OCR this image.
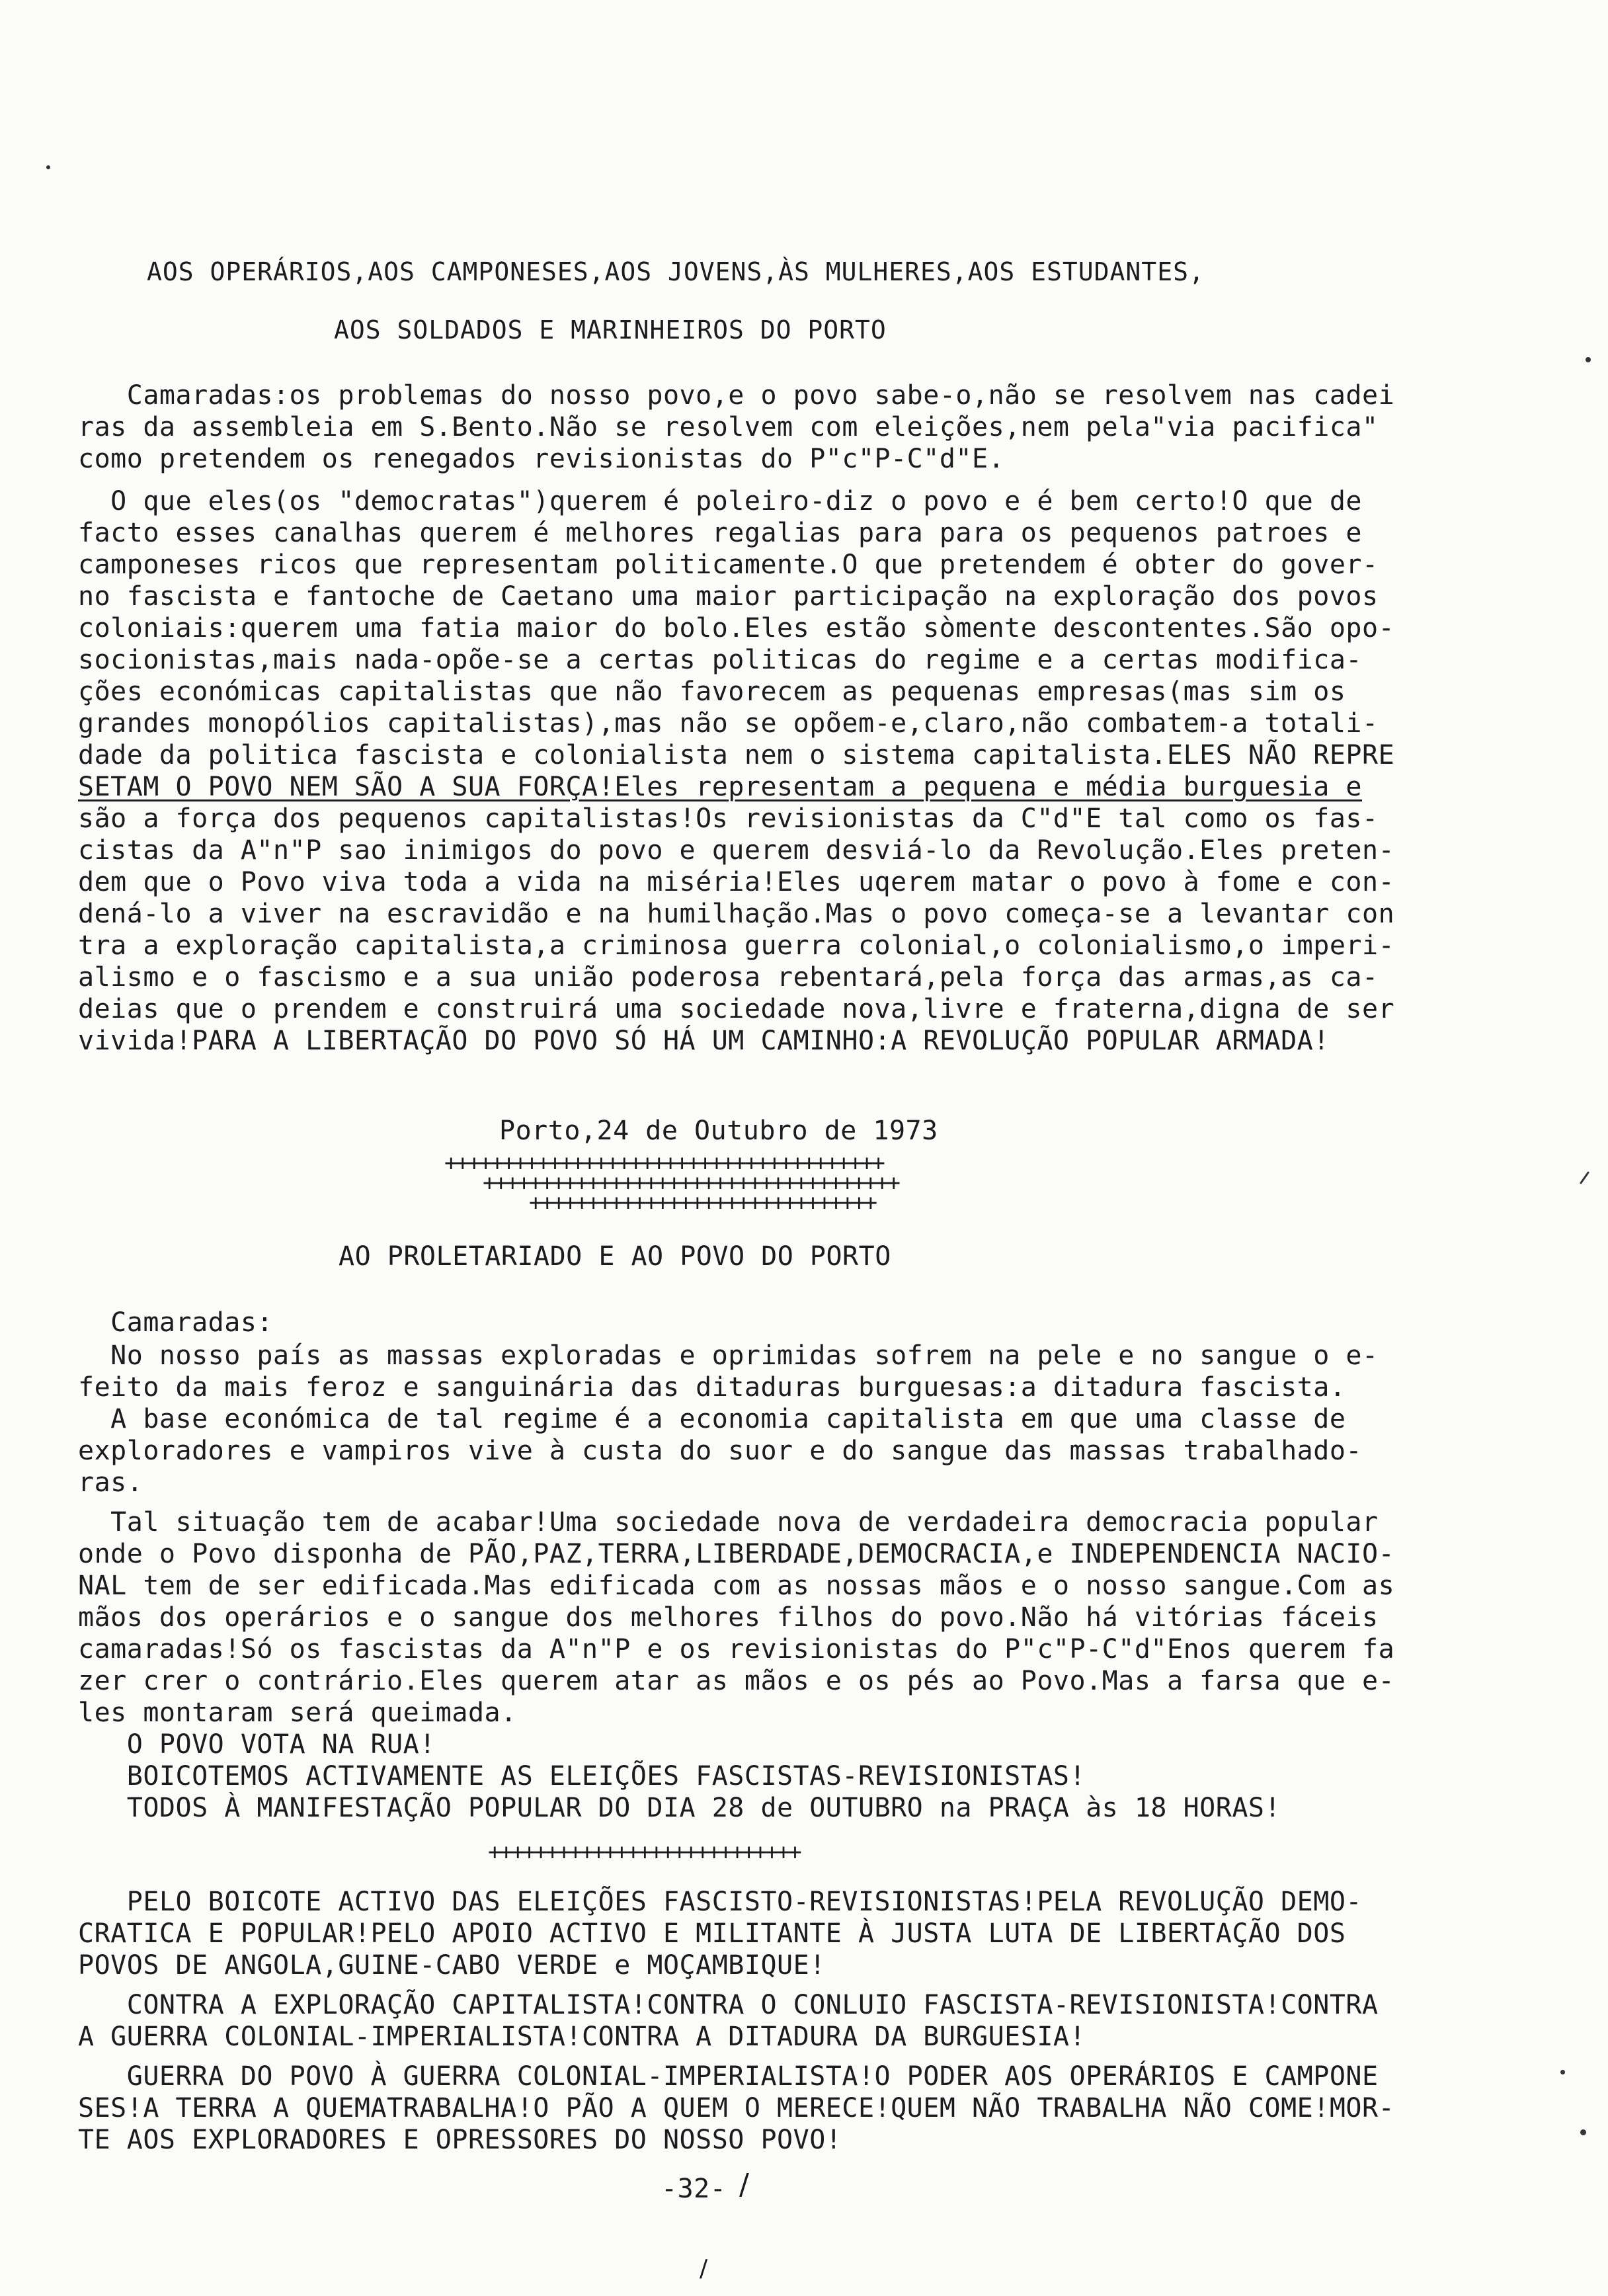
AOS OPERÁRIOS,AOS CAMPONESES,AOS JOVENS,ÀS MULHERES,AOS ESTUDANTES,
AOS SOLDADOS E MARINHEIROS DO PORTO
Camaradas:os problemas do nosso povo,e o povo sabe-o,não se resolvem nas cadei
ras da assembleia em S.Bento.Não se resolvem com eleições,nem pela"via pacifica"
como pretendem os renegados revisionistas do P"c"P-C"d"E.
O que eles(os "democratas")querem é poleiro-diz o povo e é bem certo!O que de
facto esses canalhas querem é melhores regalias para para os pequenos patroes e
camponeses ricos que representam politicamente.O que pretendem é obter do gover-
no fascista e fantoche de Caetano uma maior participação na exploração dos povos
coloniais:querem uma fatia maior do bolo.Eles estão sòmente descontentes.São opo-
socionistas,mais nada-opõe-se a certas politicas do regime e a certas modifica-
ções económicas capitalistas que não favorecem as pequenas empresas(mas sim os
grandes monopólios capitalistas),mas não se opõem-e,claro,não combatem-a totali-
dade da politica fascista e colonialista nem o sistema capitalista.ELES NÃO REPRE
SETAM O POVO NEM SÃO A SUA FORÇA!Eles representam a pequena e média burguesia e
são a força dos pequenos capitalistas!Os revisionistas da C"d"E tal como os fas-
cistas da A"n"P sao inimigos do povo e querem desviá-lo da Revolução.Eles preten-
dem que o Povo viva toda a vida na miséria!Eles uqerem matar o povo à fome e con-
dená-lo a viver na escravidão e na humilhação.Mas o povo começa-se a levantar con
tra a exploração capitalista,a criminosa guerra colonial,o colonialismo,o imperi-
alismo e o fascismo e a sua união poderosa rebentará,pela força das armas,as ca-
deias que o prendem e construirá uma sociedade nova,livre e fraterna,digna de ser
vivida!PARA A LIBERTAÇÃO DO POVO SÓ HÁ UM CAMINHO:A REVOLUÇÃO POPULAR ARMADA!
Porto,24 de Outubro de 1973
++++++++++++++++++++++++++++++++++++++
++++++++++++++++++++++++++++++++++++
++++++++++++++++++++++++++++++
AO PROLETARIADO E AO POVO DO PORTO
Camaradas:
No nosso país as massas exploradas e oprimidas sofrem na pele e no sangue o e-
feito da mais feroz e sanguinária das ditaduras burguesas:a ditadura fascista.
A base económica de tal regime é a economia capitalista em que uma classe de
exploradores e vampiros vive à custa do suor e do sangue das massas trabalhado-
ras.
Tal situação tem de acabar!Uma sociedade nova de verdadeira democracia popular
onde o Povo disponha de PÃO,PAZ,TERRA,LIBERDADE,DEMOCRACIA,e INDEPENDENCIA NACIO-
NAL tem de ser edificada.Mas edificada com as nossas mãos e o nosso sangue.Com as
mãos dos operários e o sangue dos melhores filhos do povo.Não há vitórias fáceis
camaradas!Só os fascistas da A"n"P e os revisionistas do P"c"P-C"d"Enos querem fa
zer crer o contrário.Eles querem atar as mãos e os pés ao Povo.Mas a farsa que e-
les montaram será queimada.
O POVO VOTA NA RUA!
BOICOTEMOS ACTIVAMENTE AS ELEIÇÕES FASCISTAS-REVISIONISTAS!
TODOS À MANIFESTAÇÃO POPULAR DO DIA 28 de OUTUBRO na PRAÇA às 18 HORAS!
+++++++++++++++++++++++++++
PELO BOICOTE ACTIVO DAS ELEIÇÕES FASCISTO-REVISIONISTAS!PELA REVOLUÇÃO DEMO-
CRATICA E POPULAR!PELO APOIO ACTIVO E MILITANTE À JUSTA LUTA DE LIBERTAÇÃO DOS
POVOS DE ANGOLA,GUINE-CABO VERDE e MOÇAMBIQUE!
CONTRA A EXPLORAÇÃO CAPITALISTA!CONTRA O CONLUIO FASCISTA-REVISIONISTA!CONTRA
A GUERRA COLONIAL-IMPERIALISTA!CONTRA A DITADURA DA BURGUESIA!
GUERRA DO POVO À GUERRA COLONIAL-IMPERIALISTA!O PODER AOS OPERÁRIOS E CAMPONE
SES!A TERRA A QUEMATRABALHA!O PÃO A QUEM O MERECE!QUEM NÃO TRABALHA NÃO COME!MOR-
TE AOS EXPLORADORES E OPRESSORES DO NOSSO POVO!
-32- /
/
